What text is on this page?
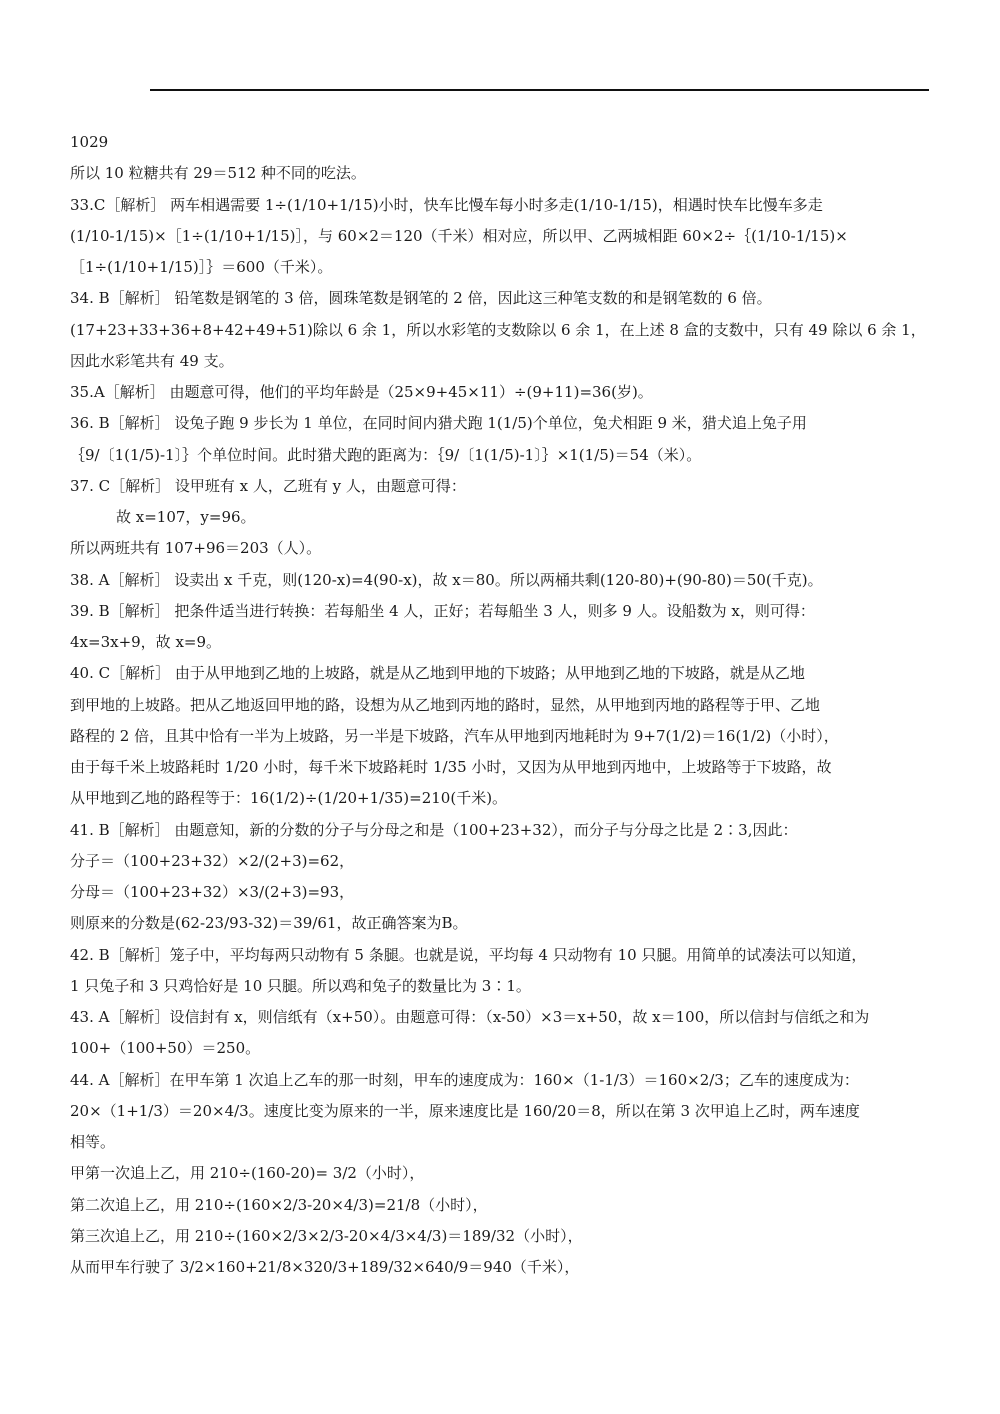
1029
所以 10 粒糖共有 29＝512 种不同的吃法。
33.C［解析］ 两车相遇需要 1÷(1/10+1/15)小时，快车比慢车每小时多走(1/10-1/15)，相遇时快车比慢车多走
(1/10-1/15)×［1÷(1/10+1/15)］，与 60×2＝120（千米）相对应，所以甲、乙两城相距 60×2÷｛(1/10-1/15)×
［1÷(1/10+1/15)］｝＝600（千米）。
34. B［解析］ 铅笔数是钢笔的 3 倍，圆珠笔数是钢笔的 2 倍，因此这三种笔支数的和是钢笔数的 6 倍。
(17+23+33+36+8+42+49+51)除以 6 余 1，所以水彩笔的支数除以 6 余 1，在上述 8 盒的支数中，只有 49 除以 6 余 1，
因此水彩笔共有 49 支。
35.A［解析］ 由题意可得，他们的平均年龄是（25×9+45×11）÷(9+11)=36(岁)。
36. B［解析］ 设兔子跑 9 步长为 1 单位，在同时间内猎犬跑 1(1/5)个单位，兔犬相距 9 米，猎犬追上兔子用
｛9/〔1(1/5)-1〕｝个单位时间。此时猎犬跑的距离为：｛9/〔1(1/5)-1〕｝×1(1/5)＝54（米）。
37. C［解析］ 设甲班有 x 人，乙班有 y 人，由题意可得：
故 x=107，y=96。
所以两班共有 107+96＝203（人）。
38. A［解析］ 设卖出 x 千克，则(120-x)=4(90-x)，故 x＝80。所以两桶共剩(120-80)+(90-80)＝50(千克)。
39. B［解析］ 把条件适当进行转换：若每船坐 4 人，正好；若每船坐 3 人，则多 9 人。设船数为 x，则可得：
4x=3x+9，故 x=9。
40. C［解析］ 由于从甲地到乙地的上坡路，就是从乙地到甲地的下坡路；从甲地到乙地的下坡路，就是从乙地
到甲地的上坡路。把从乙地返回甲地的路，设想为从乙地到丙地的路时，显然，从甲地到丙地的路程等于甲、乙地
路程的 2 倍，且其中恰有一半为上坡路，另一半是下坡路，汽车从甲地到丙地耗时为 9+7(1/2)＝16(1/2)（小时），
由于每千米上坡路耗时 1/20 小时，每千米下坡路耗时 1/35 小时，又因为从甲地到丙地中，上坡路等于下坡路，故
从甲地到乙地的路程等于：16(1/2)÷(1/20+1/35)=210(千米)。
41. B［解析］ 由题意知，新的分数的分子与分母之和是（100+23+32），而分子与分母之比是 2∶3,因此：
分子＝（100+23+32）×2/(2+3)=62，
分母＝（100+23+32）×3/(2+3)=93，
则原来的分数是(62-23/93-32)＝39/61，故正确答案为B。
42. B［解析］笼子中，平均每两只动物有 5 条腿。也就是说，平均每 4 只动物有 10 只腿。用简单的试凑法可以知道，
1 只兔子和 3 只鸡恰好是 10 只腿。所以鸡和兔子的数量比为 3∶1。
43. A［解析］设信封有 x，则信纸有（x+50）。由题意可得：（x-50）×3＝x+50，故 x＝100，所以信封与信纸之和为
100+（100+50）＝250。
44. A［解析］在甲车第 1 次追上乙车的那一时刻，甲车的速度成为：160×（1-1/3）＝160×2/3；乙车的速度成为：
20×（1+1/3）＝20×4/3。速度比变为原来的一半，原来速度比是 160/20＝8，所以在第 3 次甲追上乙时，两车速度
相等。
甲第一次追上乙，用 210÷(160-20)= 3/2（小时），
第二次追上乙，用 210÷(160×2/3-20×4/3)=21/8（小时），
第三次追上乙，用 210÷(160×2/3×2/3-20×4/3×4/3)＝189/32（小时），
从而甲车行驶了 3/2×160+21/8×320/3+189/32×640/9＝940（千米），
